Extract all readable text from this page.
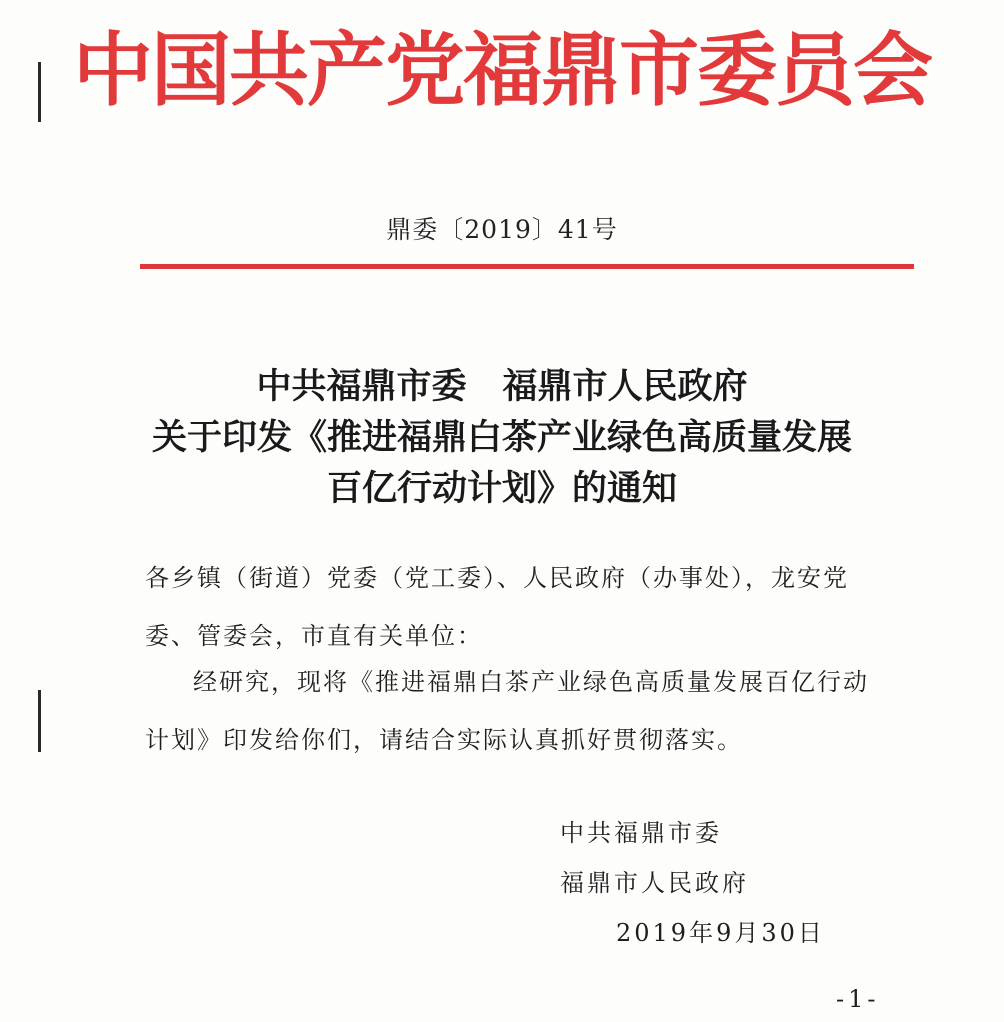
中国共产党福鼎市委员会
鼎委〔2019〕41号
中共福鼎市委 福鼎市人民政府
关于印发《推进福鼎白茶产业绿色高质量发展
百亿行动计划》的通知
各乡镇（街道）党委（党工委）、人民政府（办事处），龙安党
委、管委会，市直有关单位：
经研究，现将《推进福鼎白茶产业绿色高质量发展百亿行动
计划》印发给你们，请结合实际认真抓好贯彻落实。
中共福鼎市委
福鼎市人民政府
2019年9月30日
-1-
